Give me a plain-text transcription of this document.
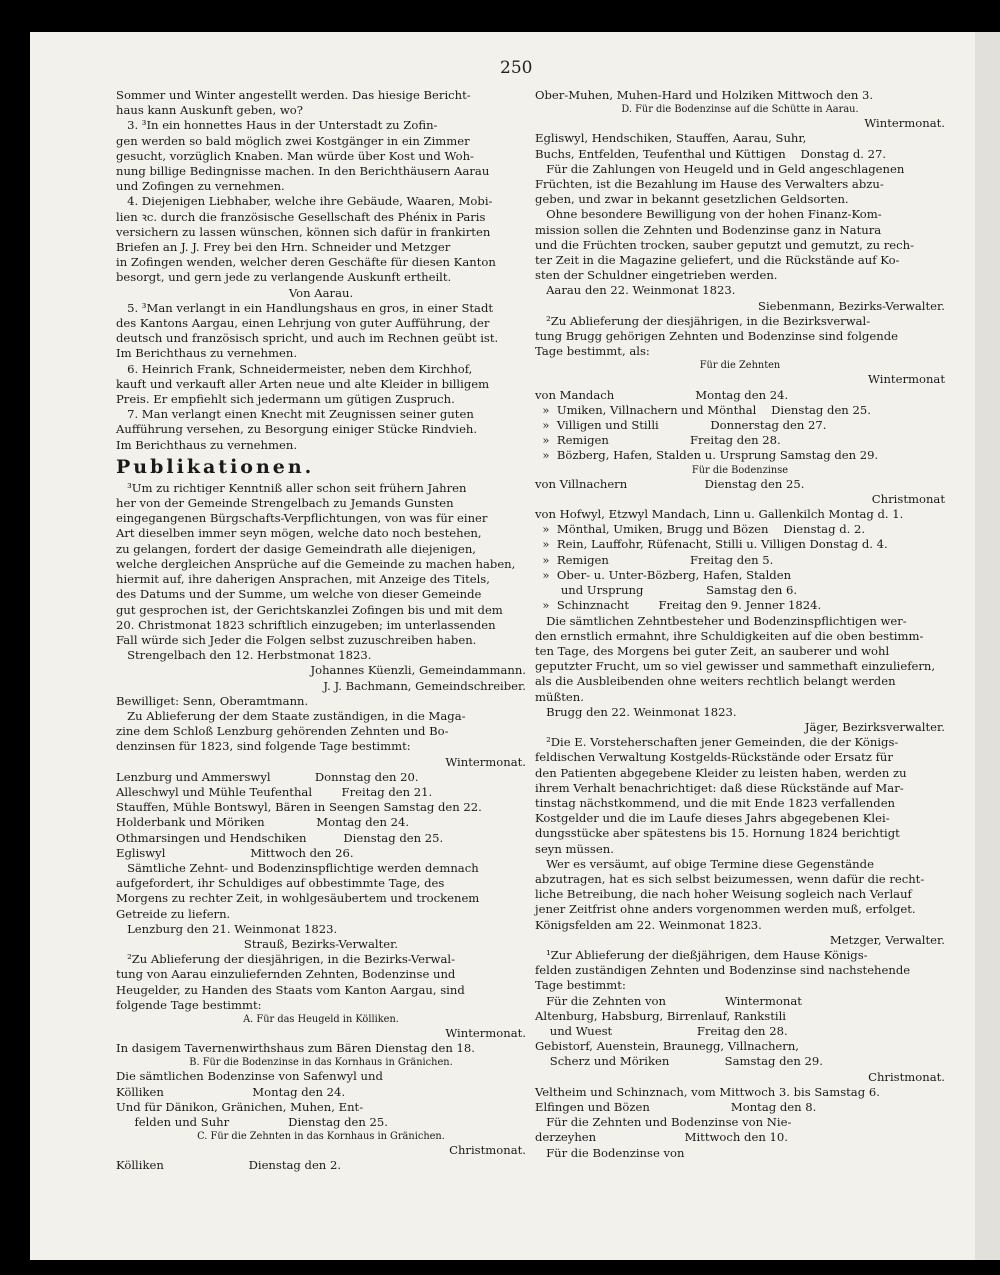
250

Sommer und Winter angestellt werden. Das hiesige Bericht-
haus kann Auskunft geben, wo?

3. ³In ein honnettes Haus in der Unterstadt zu Zofin-
gen werden so bald möglich zwei Kostgänger in ein Zimmer
gesucht, vorzüglich Knaben. Man würde über Kost und Woh-
nung billige Bedingnisse machen. In den Berichthäusern Aarau
und Zofingen zu vernehmen.

4. Diejenigen Liebhaber, welche ihre Gebäude, Waaren, Mobi-
lien ꝛc. durch die französische Gesellschaft des Phénix in Paris
versichern zu lassen wünschen, können sich dafür in frankirten
Briefen an J. J. Frey bei den Hrn. Schneider und Metzger
in Zofingen wenden, welcher deren Geschäfte für diesen Kanton
besorgt, und gern jede zu verlangende Auskunft ertheilt.

Von Aarau.

5. ³Man verlangt in ein Handlungshaus en gros, in einer Stadt
des Kantons Aargau, einen Lehrjung von guter Aufführung, der
deutsch und französisch spricht, und auch im Rechnen geübt ist.
Im Berichthaus zu vernehmen.

6. Heinrich Frank, Schneidermeister, neben dem Kirchhof,
kauft und verkauft aller Arten neue und alte Kleider in billigem
Preis. Er empfiehlt sich jedermann um gütigen Zuspruch.

7. Man verlangt einen Knecht mit Zeugnissen seiner guten
Aufführung versehen, zu Besorgung einiger Stücke Rindvieh.
Im Berichthaus zu vernehmen.

Publikationen.

³Um zu richtiger Kenntniß aller schon seit frühern Jahren
her von der Gemeinde Strengelbach zu Jemands Gunsten
eingegangenen Bürgschafts-Verpflichtungen, von was für einer
Art dieselben immer seyn mögen, welche dato noch bestehen,
zu gelangen, fordert der dasige Gemeindrath alle diejenigen,
welche dergleichen Ansprüche auf die Gemeinde zu machen haben,
hiermit auf, ihre daherigen Ansprachen, mit Anzeige des Titels,
des Datums und der Summe, um welche von dieser Gemeinde
gut gesprochen ist, der Gerichtskanzlei Zofingen bis und mit dem
20. Christmonat 1823 schriftlich einzugeben; im unterlassenden
Fall würde sich Jeder die Folgen selbst zuzuschreiben haben.

Strengelbach den 12. Herbstmonat 1823.

Johannes Küenzli, Gemeindammann.
J. J. Bachmann, Gemeindschreiber.

Bewilliget: Senn, Oberamtmann.

Zu Ablieferung der dem Staate zuständigen, in die Maga-
zine dem Schloß Lenzburg gehörenden Zehnten und Bo-
denzinsen für 1823, sind folgende Tage bestimmt:

Wintermonat.

Lenzburg und Ammerswyl            Donnstag den 20.
Alleschwyl und Mühle Teufenthal        Freitag den 21.
Stauffen, Mühle Bontswyl, Bären in Seengen Samstag den 22.
Holderbank und Möriken              Montag den 24.
Othmarsingen und Hendschiken          Dienstag den 25.
Egliswyl                       Mittwoch den 26.

Sämtliche Zehnt- und Bodenzinspflichtige werden demnach
aufgefordert, ihr Schuldiges auf obbestimmte Tage, des
Morgens zu rechter Zeit, in wohlgesäubertem und trockenem
Getreide zu liefern.

Lenzburg den 21. Weinmonat 1823.

Strauß, Bezirks-Verwalter.

²Zu Ablieferung der diesjährigen, in die Bezirks-Verwal-
tung von Aarau einzuliefernden Zehnten, Bodenzinse und
Heugelder, zu Handen des Staats vom Kanton Aargau, sind
folgende Tage bestimmt:

A. Für das Heugeld in Kölliken.

Wintermonat.

In dasigem Tavernenwirthshaus zum Bären Dienstag den 18.

B. Für die Bodenzinse in das Kornhaus in Gränichen.

Die sämtlichen Bodenzinse von Safenwyl und
Kölliken                        Montag den 24.
Und für Dänikon, Gränichen, Muhen, Ent-
felden und Suhr                Dienstag den 25.

C. Für die Zehnten in das Kornhaus in Gränichen.

Christmonat.

Kölliken                       Dienstag den 2.

Ober-Muhen, Muhen-Hard und Holziken Mittwoch den 3.

D. Für die Bodenzinse auf die Schütte in Aarau.

Wintermonat.

Egliswyl, Hendschiken, Stauffen, Aarau, Suhr,
Buchs, Entfelden, Teufenthal und Küttigen    Donstag d. 27.

Für die Zahlungen von Heugeld und in Geld angeschlagenen
Früchten, ist die Bezahlung im Hause des Verwalters abzu-
geben, und zwar in bekannt gesetzlichen Geldsorten.

Ohne besondere Bewilligung von der hohen Finanz-Kom-
mission sollen die Zehnten und Bodenzinse ganz in Natura
und die Früchten trocken, sauber geputzt und gemutzt, zu rech-
ter Zeit in die Magazine geliefert, und die Rückstände auf Ko-
sten der Schuldner eingetrieben werden.

Aarau den 22. Weinmonat 1823.

Siebenmann, Bezirks-Verwalter.

²Zu Ablieferung der diesjährigen, in die Bezirksverwal-
tung Brugg gehörigen Zehnten und Bodenzinse sind folgende
Tage bestimmt, als:

Für die Zehnten

Wintermonat

von Mandach                      Montag den 24.
»  Umiken, Villnachern und Mönthal    Dienstag den 25.
»  Villigen und Stilli              Donnerstag den 27.
»  Remigen                      Freitag den 28.
»  Bözberg, Hafen, Stalden u. Ursprung Samstag den 29.

Für die Bodenzinse

von Villnachern                     Dienstag den 25.

Christmonat

von Hofwyl, Etzwyl Mandach, Linn u. Gallenkilch Montag d. 1.
»  Mönthal, Umiken, Brugg und Bözen    Dienstag d. 2.
»  Rein, Lauffohr, Rüfenacht, Stilli u. Villigen Donstag d. 4.
»  Remigen                      Freitag den 5.
»  Ober- u. Unter-Bözberg, Hafen, Stalden
und Ursprung                 Samstag den 6.
»  Schinznacht        Freitag den 9. Jenner 1824.

Die sämtlichen Zehntbesteher und Bodenzinspflichtigen wer-
den ernstlich ermahnt, ihre Schuldigkeiten auf die oben bestimm-
ten Tage, des Morgens bei guter Zeit, an sauberer und wohl
geputzter Frucht, um so viel gewisser und sammethaft einzuliefern,
als die Ausbleibenden ohne weiters rechtlich belangt werden
müßten.

Brugg den 22. Weinmonat 1823.

Jäger, Bezirksverwalter.

²Die E. Vorsteherschaften jener Gemeinden, die der Königs-
feldischen Verwaltung Kostgelds-Rückstände oder Ersatz für
den Patienten abgegebene Kleider zu leisten haben, werden zu
ihrem Verhalt benachrichtiget: daß diese Rückstände auf Mar-
tinstag nächstkommend, und die mit Ende 1823 verfallenden
Kostgelder und die im Laufe dieses Jahrs abgegebenen Klei-
dungsstücke aber spätestens bis 15. Hornung 1824 berichtigt
seyn müssen.

Wer es versäumt, auf obige Termine diese Gegenstände
abzutragen, hat es sich selbst beizumessen, wenn dafür die recht-
liche Betreibung, die nach hoher Weisung sogleich nach Verlauf
jener Zeitfrist ohne anders vorgenommen werden muß, erfolget.
Königsfelden am 22. Weinmonat 1823.

Metzger, Verwalter.

¹Zur Ablieferung der dießjährigen, dem Hause Königs-
felden zuständigen Zehnten und Bodenzinse sind nachstehende
Tage bestimmt:

Für die Zehnten von                Wintermonat
Altenburg, Habsburg, Birrenlauf, Rankstili
und Wuest                       Freitag den 28.
Gebistorf, Auenstein, Braunegg, Villnachern,
Scherz und Möriken               Samstag den 29.

Christmonat.

Veltheim und Schinznach, vom Mittwoch 3. bis Samstag 6.
Elfingen und Bözen                      Montag den 8.
Für die Zehnten und Bodenzinse von Nie-
derzeyhen                        Mittwoch den 10.
Für die Bodenzinse von
